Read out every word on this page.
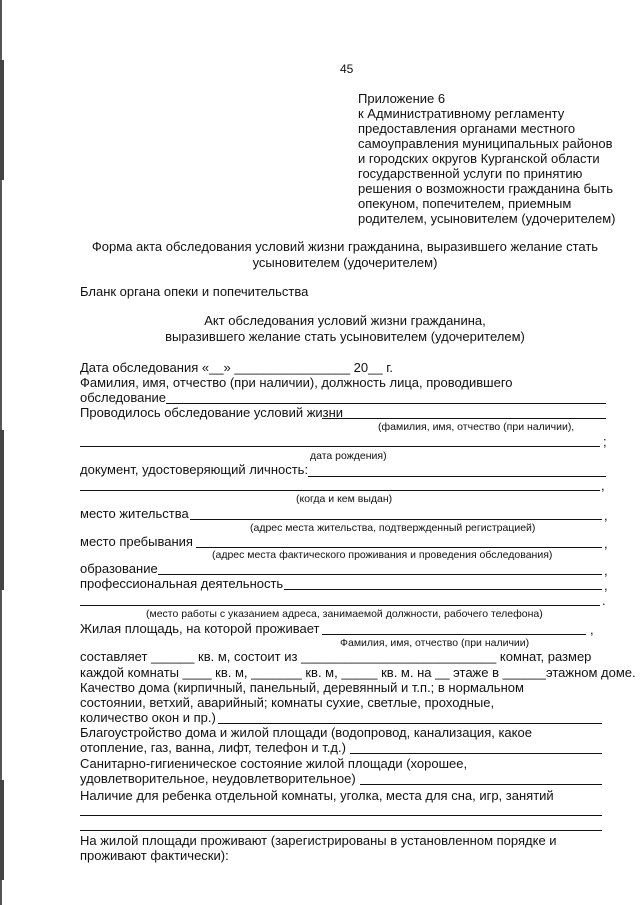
45
Приложение 6
к Административному регламенту
предоставления органами местного
самоуправления муниципальных районов
и городских округов Курганской области
государственной услуги по принятию
решения о возможности гражданина быть
опекуном, попечителем, приемным
родителем, усыновителем (удочерителем)
Форма акта обследования условий жизни гражданина, выразившего желание стать
усыновителем (удочерителем)
Бланк органа опеки и попечительства
Акт обследования условий жизни гражданина,
выразившего желание стать усыновителем (удочерителем)
Дата обследования «__» ________________ 20__ г.
Фамилия, имя, отчество (при наличии), должность лица, проводившего
обследование
Проводилось обследование условий жизни
(фамилия, имя, отчество (при наличии),
;
дата рождения)
документ, удостоверяющий личность:
,
(когда и кем выдан)
место жительства	,
(адрес места жительства, подтвержденный регистрацией)
место пребывания	,
(адрес места фактического проживания и проведения обследования)
образование	,
профессиональная деятельность	,
.
(место работы с указанием адреса, занимаемой должности, рабочего телефона)
Жилая площадь, на которой проживает	,
Фамилия, имя, отчество (при наличии)
составляет ______ кв. м, состоит из ___________________________ комнат, размер
каждой комнаты ____ кв. м, _______ кв. м, _____ кв. м. на __ этаже в ______этажном доме.
Качество дома (кирпичный, панельный, деревянный и т.п.; в нормальном
состоянии, ветхий, аварийный; комнаты сухие, светлые, проходные,
количество окон и пр.)
Благоустройство дома и жилой площади (водопровод, канализация, какое
отопление, газ, ванна, лифт, телефон и т.д.)
Санитарно-гигиеническое состояние жилой площади (хорошее,
удовлетворительное, неудовлетворительное)
Наличие для ребенка отдельной комнаты, уголка, места для сна, игр, занятий
На жилой площади проживают (зарегистрированы в установленном порядке и
проживают фактически):
